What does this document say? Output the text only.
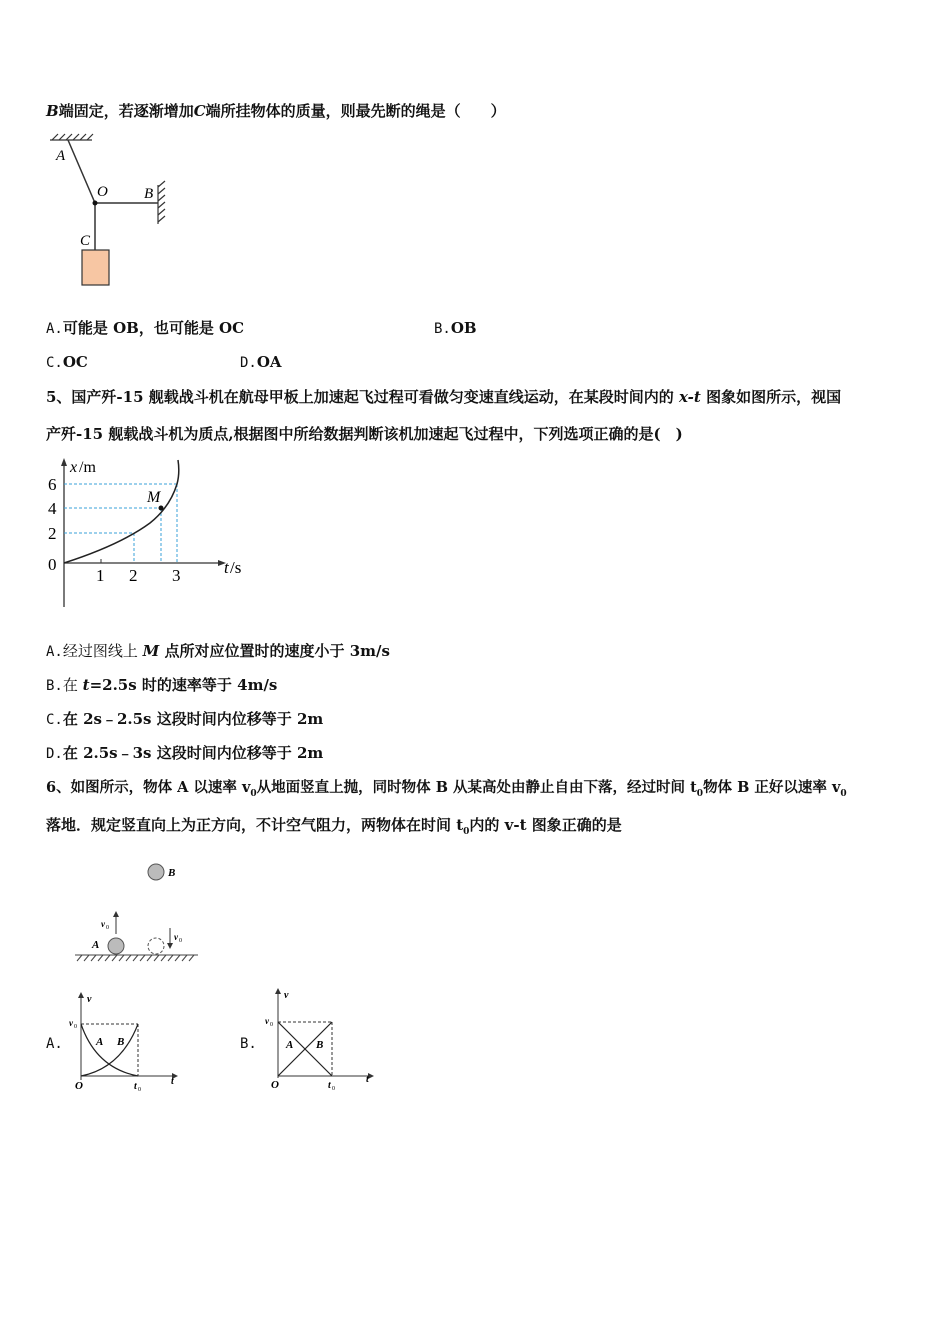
B端固定，若逐渐增加C端所挂物体的质量，则最先断的绳是（　　）
A
O B
C
A.可能是 OB，也可能是 OC	B.OB
C.OC	D.OA
5、国产歼-15 舰载战斗机在航母甲板上加速起飞过程可看做匀变速直线运动，在某段时间内的 x-t 图象如图所示，视国
产歼-15 舰载战斗机为质点,根据图中所给数据判断该机加速起飞过程中，下列选项正确的是(　)
M
x /m
6
4
2
0
1 2 3	t /s
A.经过图线上 M 点所对应位置时的速度小于 3m/s
B.在 t=2.5s 时的速率等于 4m/s
C.在 2s﹣2.5s 这段时间内位移等于 2m
D.在 2.5s﹣3s 这段时间内位移等于 2m
6、如图所示，物体 A 以速率 $v_0$从地面竖直上抛，同时物体 B 从某高处由静止自由下落，经过时间 $t_0$物体 B 正好以速率 $v_0$
落地．规定竖直向上为正方向，不计空气阻力，两物体在时间 $t_0$内的 v-t 图象正确的是
B
A
v 0
v 0
A.
v
v 0
A B
O	t 0
t
B.
v
v 0
A B
O	t 0
t
